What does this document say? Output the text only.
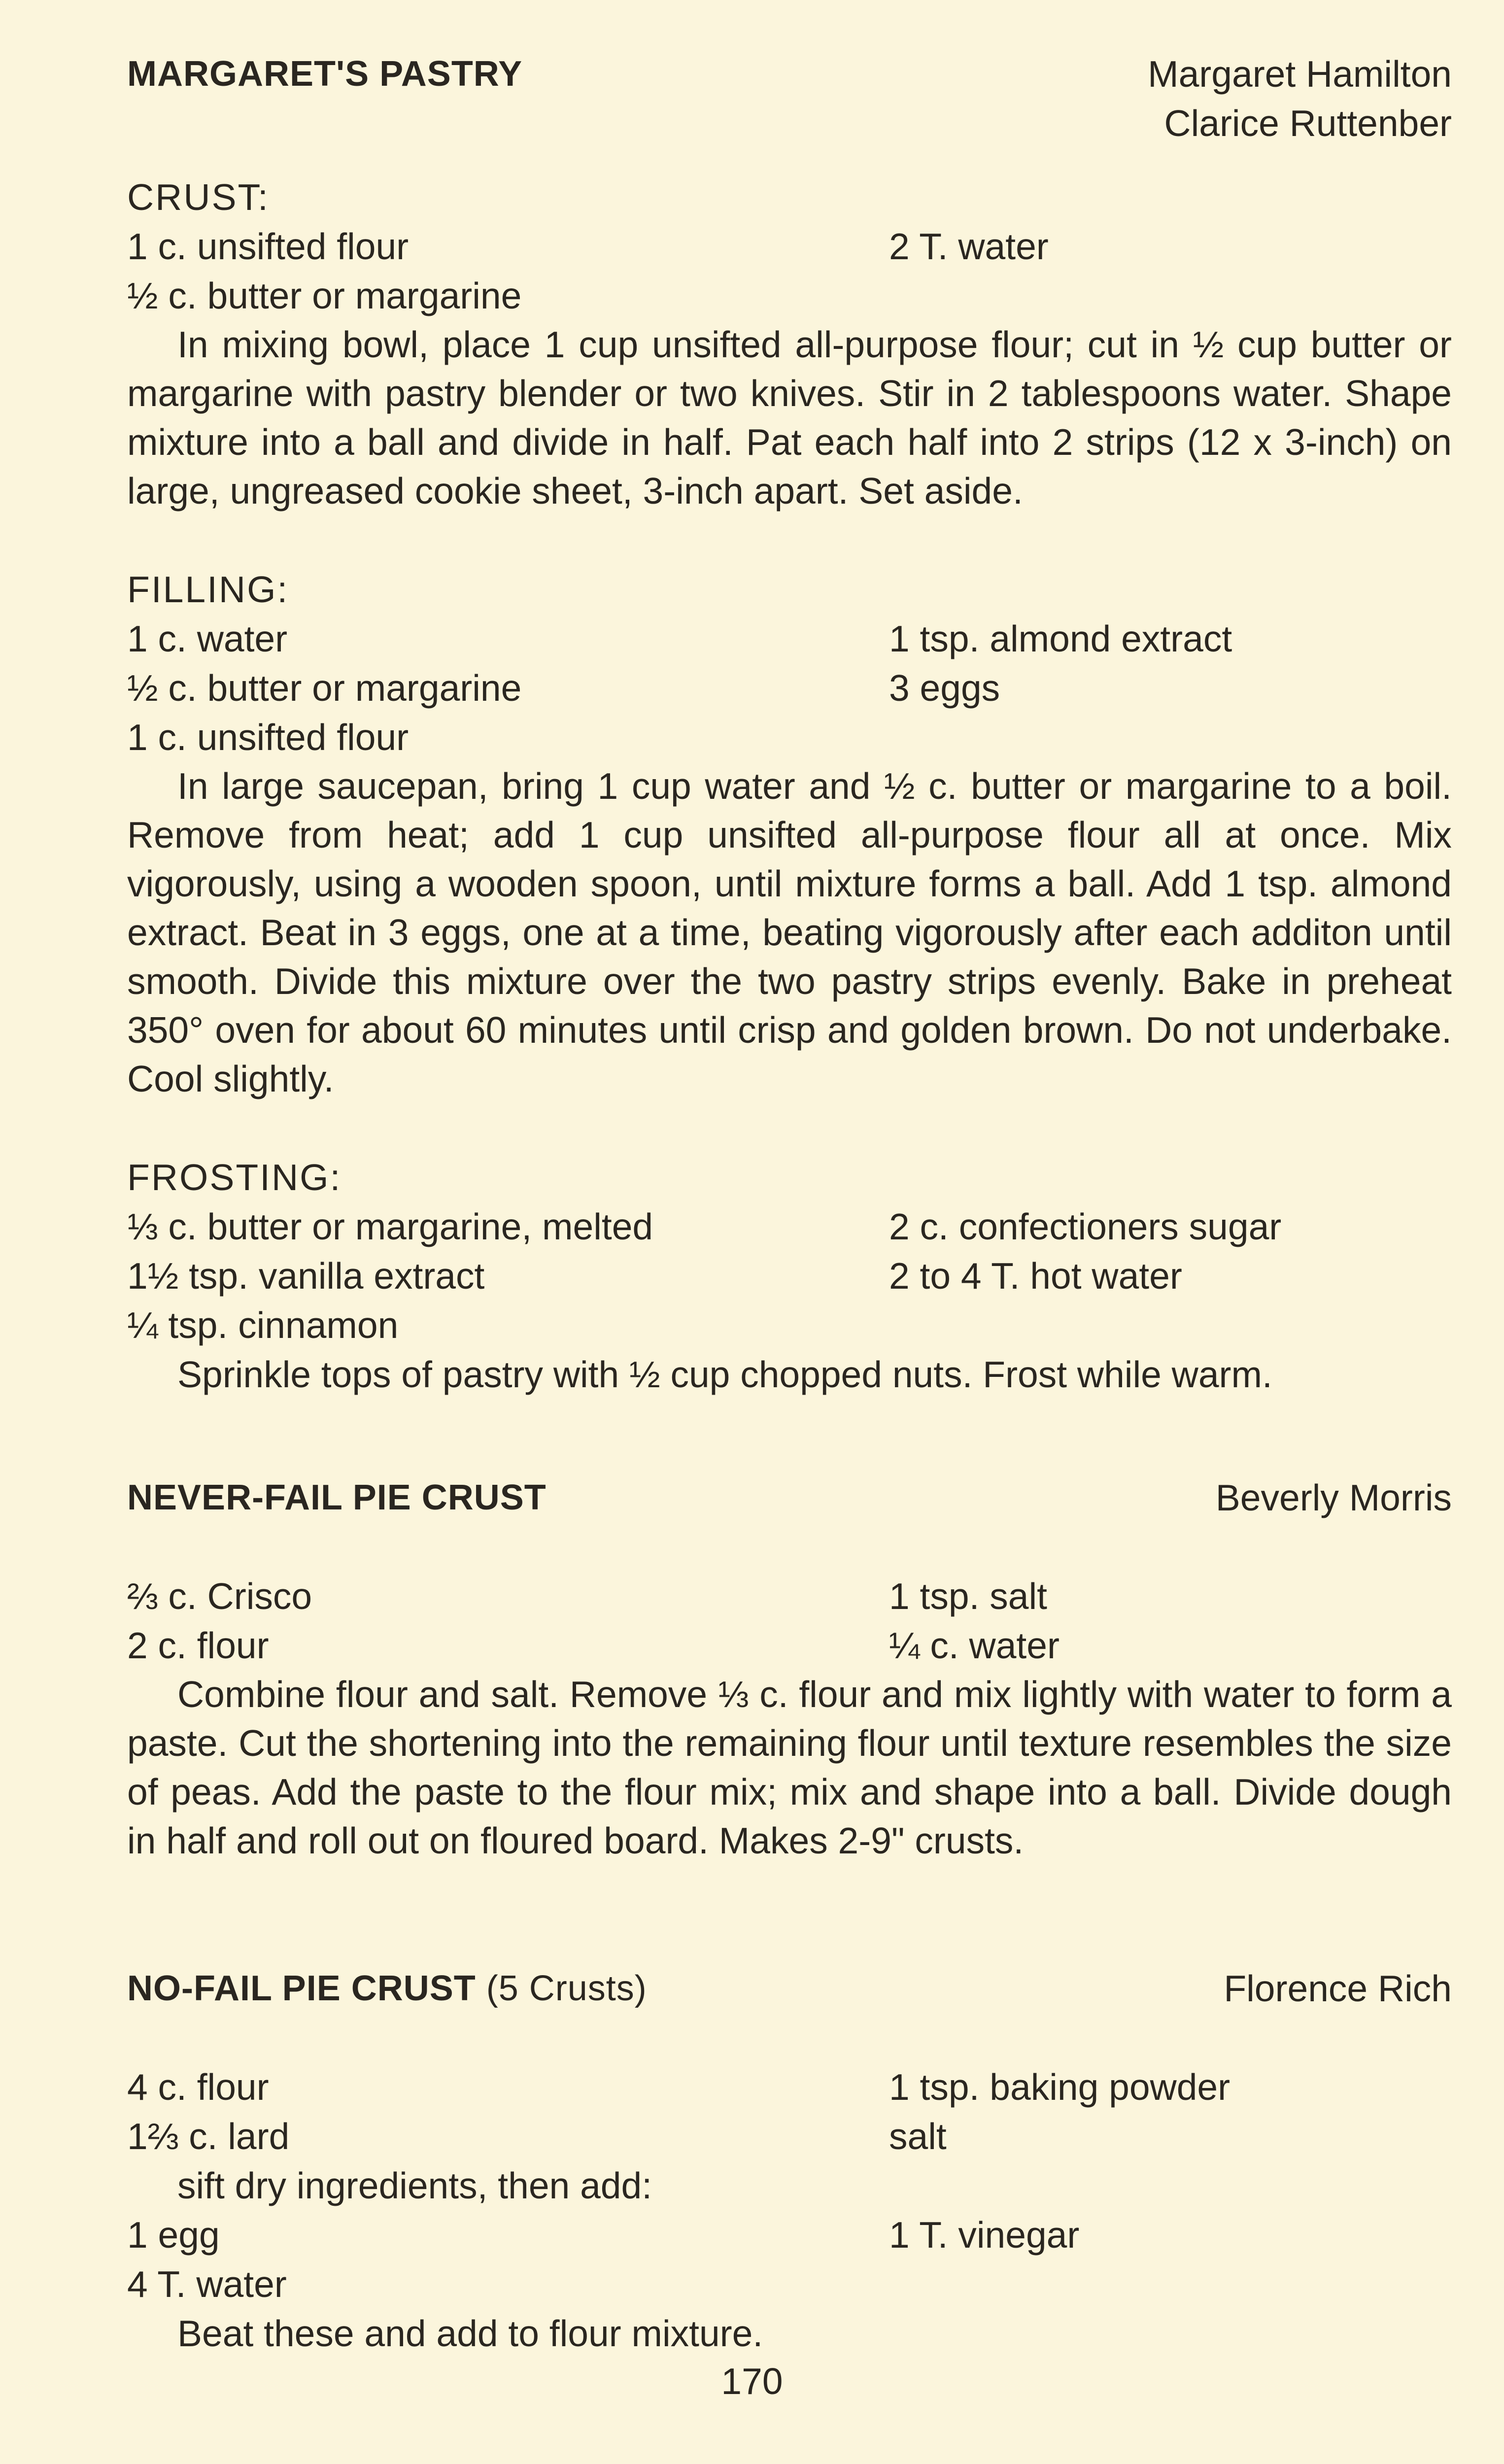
MARGARET'S PASTRY	Margaret Hamilton
Clarice Ruttenber
CRUST:
1 c. unsifted flour	2 T. water
½ c. butter or margarine

In mixing bowl, place 1 cup unsifted all-purpose flour; cut in ½ cup butter or margarine with pastry blender or two knives. Stir in 2 tablespoons water. Shape mixture into a ball and divide in half. Pat each half into 2 strips (12 x 3-inch) on large, ungreased cookie sheet, 3-inch apart. Set aside.

FILLING:
1 c. water	1 tsp. almond extract
½ c. butter or margarine	3 eggs
1 c. unsifted flour

In large saucepan, bring 1 cup water and ½ c. butter or margarine to a boil. Remove from heat; add 1 cup unsifted all-purpose flour all at once. Mix vigorously, using a wooden spoon, until mixture forms a ball. Add 1 tsp. almond extract. Beat in 3 eggs, one at a time, beating vigorously after each additon until smooth. Divide this mixture over the two pastry strips evenly. Bake in preheat 350° oven for about 60 minutes until crisp and golden brown. Do not underbake. Cool slightly.

FROSTING:
⅓ c. butter or margarine, melted	2 c. confectioners sugar
1½ tsp. vanilla extract	2 to 4 T. hot water
¼ tsp. cinnamon
Sprinkle tops of pastry with ½ cup chopped nuts. Frost while warm.
NEVER-FAIL PIE CRUST	Beverly Morris
⅔ c. Crisco	1 tsp. salt
2 c. flour	¼ c. water

Combine flour and salt. Remove ⅓ c. flour and mix lightly with water to form a paste. Cut the shortening into the remaining flour until texture resembles the size of peas. Add the paste to the flour mix; mix and shape into a ball. Divide dough in half and roll out on floured board. Makes 2-9" crusts.

NO-FAIL PIE CRUST (5 Crusts)	Florence Rich
4 c. flour	1 tsp. baking powder
1⅔ c. lard	salt
sift dry ingredients, then add:
1 egg	1 T. vinegar
4 T. water
Beat these and add to flour mixture.
170
